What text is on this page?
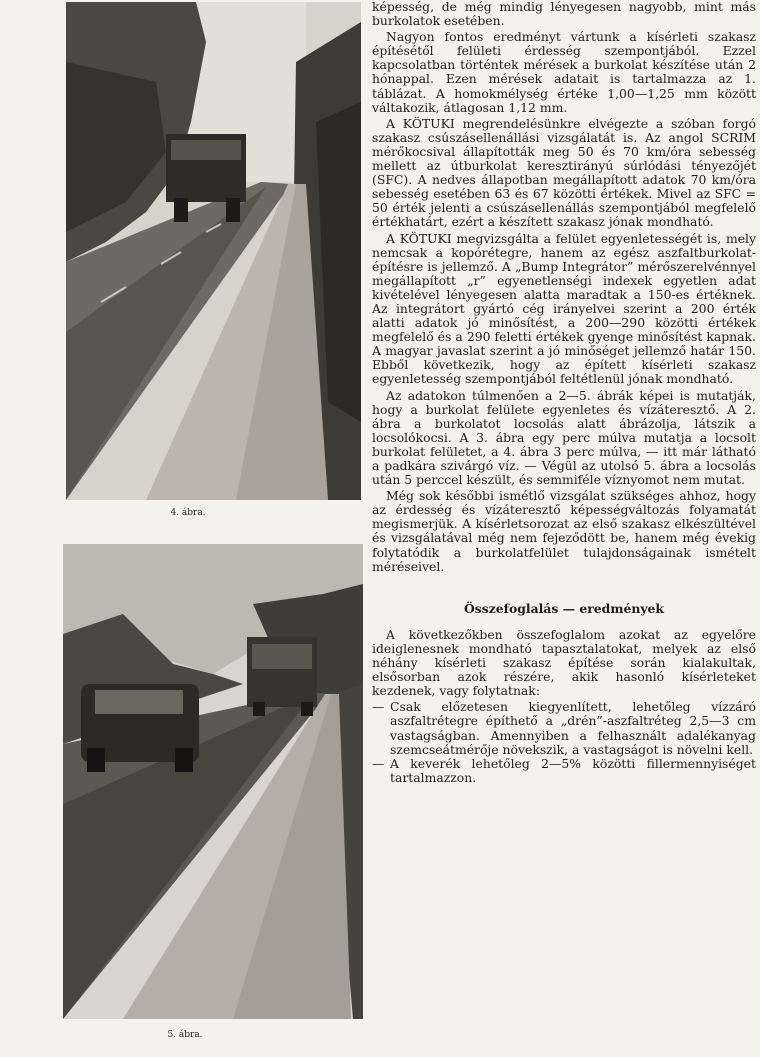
4. ábra.
5. ábra.

képesség, de még mindig lényegesen nagyobb, mint más burkolatok esetében.

Nagyon fontos eredményt vártunk a kísérleti szakasz építésétől felületi érdesség szempontjából. Ezzel kapcsolatban történtek mérések a burkolat készítése után 2 hónappal. Ezen mérések adatait is tartalmazza az 1. táblázat. A homokmélység értéke 1,00—1,25 mm között váltakozik, átlagosan 1,12 mm.

A KÖTUKI megrendelésünkre elvégezte a szóban forgó szakasz csúszásellenállási vizsgálatát is. Az angol SCRIM mérőkocsival állapították meg 50 és 70 km/óra sebesség mellett az útburkolat keresztirányú súrlódási tényezőjét (SFC). A nedves állapotban megállapított adatok 70 km/óra sebesség esetében 63 és 67 közötti értékek. Mivel az SFC = 50 érték jelenti a csúszásellenállás szempontjából megfelelő értékhatárt, ezért a készített szakasz jónak mondható.

A KÖTUKI megvizsgálta a felület egyenletességét is, mely nemcsak a kopórétegre, hanem az egész aszfaltburkolat-építésre is jellemző. A „Bump Integrátor” mérőszerelvénnyel megállapított „r” egyenetlenségi indexek egyetlen adat kivételével lényegesen alatta maradtak a 150-es értéknek. Az integrátort gyártó cég irányelvei szerint a 200 érték alatti adatok jó minősítést, a 200—290 közötti értékek megfelelő és a 290 feletti értékek gyenge minősítést kapnak. A magyar javaslat szerint a jó minőséget jellemző határ 150. Ebből következik, hogy az épített kísérleti szakasz egyenletesség szempontjából feltétlenül jónak mondható.

Az adatokon túlmenően a 2—5. ábrák képei is mutatják, hogy a burkolat felülete egyenletes és vízáteresztő. A 2. ábra a burkolatot locsolás alatt ábrázolja, látszik a locsolókocsi. A 3. ábra egy perc múlva mutatja a locsolt burkolat felületet, a 4. ábra 3 perc múlva, — itt már látható a padkára szivárgó víz. — Végül az utolsó 5. ábra a locsolás után 5 perccel készült, és semmiféle víznyomot nem mutat.

Még sok későbbi ismétlő vizsgálat szükséges ahhoz, hogy az érdesség és vízáteresztő képességváltozás folyamatát megismerjük. A kísérletsorozat az első szakasz elkészültével és vizsgálatával még nem fejeződött be, hanem még évekig folytatódik a burkolatfelület tulajdonságainak ismételt méréseivel.

Összefoglalás — eredmények

A következőkben összefoglalom azokat az egyelőre ideiglenesnek mondható tapasztalatokat, melyek az első néhány kísérleti szakasz építése során kialakultak, elsősorban azok részére, akik hasonló kísérleteket kezdenek, vagy folytatnak:

— Csak előzetesen kiegyenlített, lehetőleg vízzáró aszfaltrétegre építhető a „drén”-aszfaltréteg 2,5—3 cm vastagságban. Amennyiben a felhasznált adalékanyag szemcseátmérője növekszik, a vastagságot is növelni kell.
— A keverék lehetőleg 2—5% közötti fillermennyiséget tartalmazzon.
